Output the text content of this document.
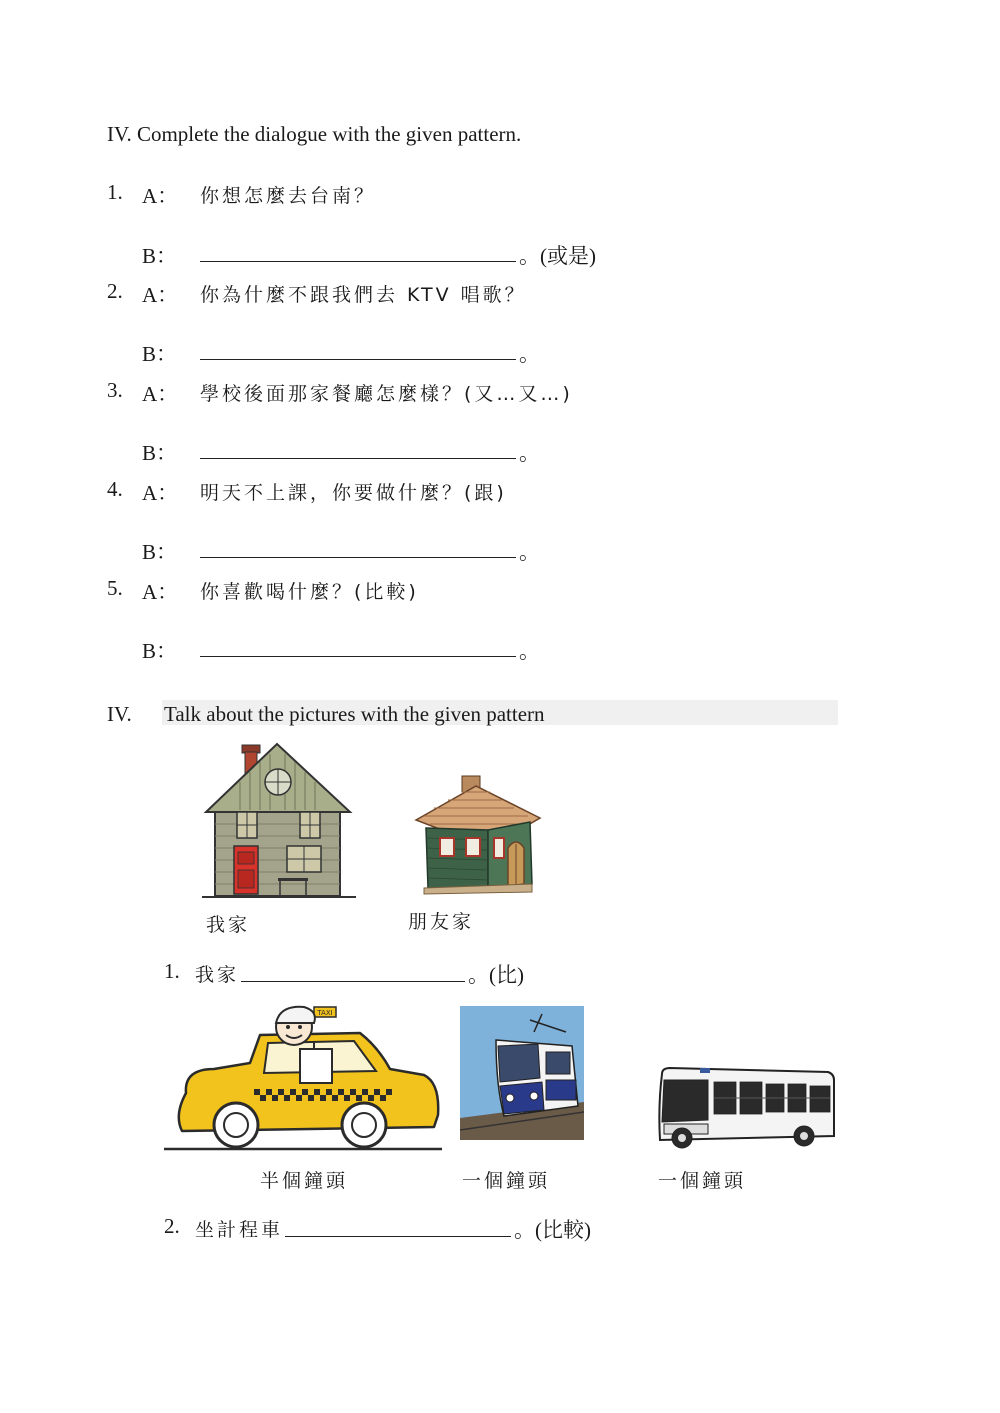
IV. Complete the dialogue with the given pattern.
1. A： 你想怎麼去台南？
B：	。(或是)
2. A： 你為什麼不跟我們去 KTV 唱歌？
B：	。
3. A： 學校後面那家餐廳怎麼樣？(又…又…)
B：	。
4. A： 明天不上課，你要做什麼？(跟)
B：	。
5. A： 你喜歡喝什麼？(比較)
B：	。
IV. Talk about the pictures with the given pattern
我家	朋友家
1. 我家	。(比)
TAXI
半個鐘頭	一個鐘頭	一個鐘頭
2. 坐計程車	。(比較)
